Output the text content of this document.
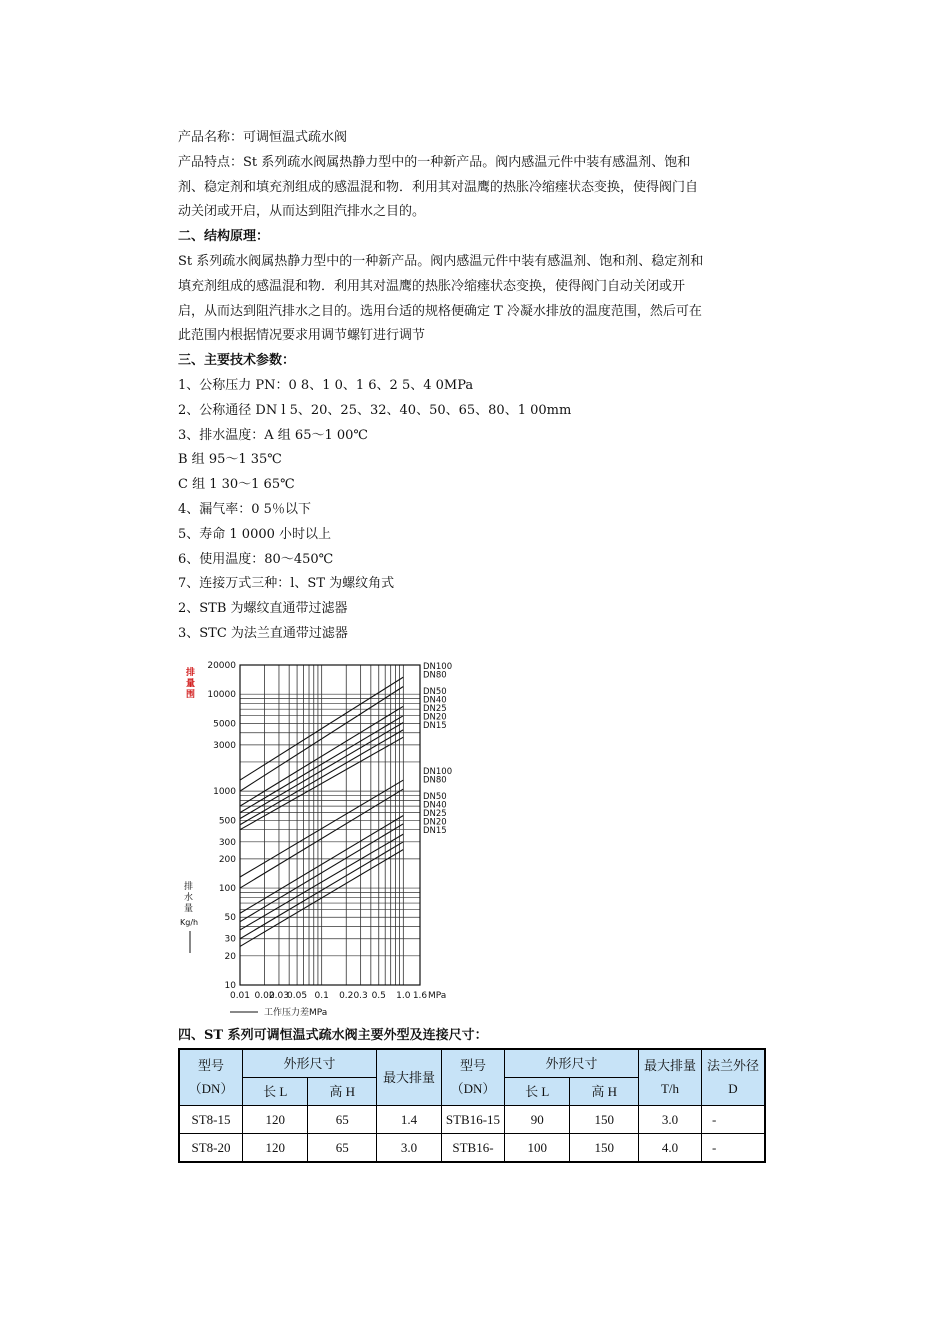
产品名称：可调恒温式疏水阀
产品特点：St 系列疏水阀属热静力型中的一种新产品。阀内感温元件中装有感温剂、饱和
剂、稳定剂和填充剂组成的感温混和物．利用其对温鹰的热胀冷缩瘗状态变换，使得阀门自
动关闭或开启，从而达到阻汽排水之目的。
二、结构原理：
St 系列疏水阀属热静力型中的一种新产品。阀内感温元件中装有感温剂、饱和剂、稳定剂和
填充剂组成的感温混和物．利用其对温鹰的热胀冷缩瘗状态变换，使得阀门自动关闭或开
启，从而达到阻汽排水之目的。选用台适的规格便确定 T 冷凝水排放的温度范围，然后可在
此范围内根据情况要求用调节螺钉进行调节
三、主要技术参数：
1、公称压力 PN：0 8、1 0、1 6、2 5、4 0MPa
2、公称通径 DN l 5、20、25、32、40、50、65、80、1 00mm
3、排水温度：A 组 65～1 00℃
B 组 95～1 35℃
C 组 1 30～1 65℃
4、漏气率：0 5％以下
5、寿命 1 0000 小时以上
6、使用温度：80～450℃
7、连接万式三种：l、ST 为螺纹角式
2、STB 为螺纹直通带过滤器
3、STC 为法兰直通带过滤器
10
20
30
50
100
200
300
500
1000
3000
5000
10000
20000
0.01 0.02
0.03
0.05 0.1 0.2 0.3 0.5 1.0 1.6 MPa
DN100
DN80
DN50
DN40
DN25
DN20
DN15
DN100
DN80
DN50
DN40
DN25
DN20
DN15
排
量
围
排
水
量
Kg/h
工作压力差MPa
四、ST 系列可调恒温式疏水阀主要外型及连接尺寸：
型号（DN）	外形尺寸		最大排量	型号（DN）	外形尺寸		最大排量 T/h	法兰外径 D
	长 L	高 H			长 L	高 H		
ST8-15	120	65	1.4	STB16-15	90	150	3.0	-
ST8-20	120	65	3.0	STB16-	100	150	4.0	-
